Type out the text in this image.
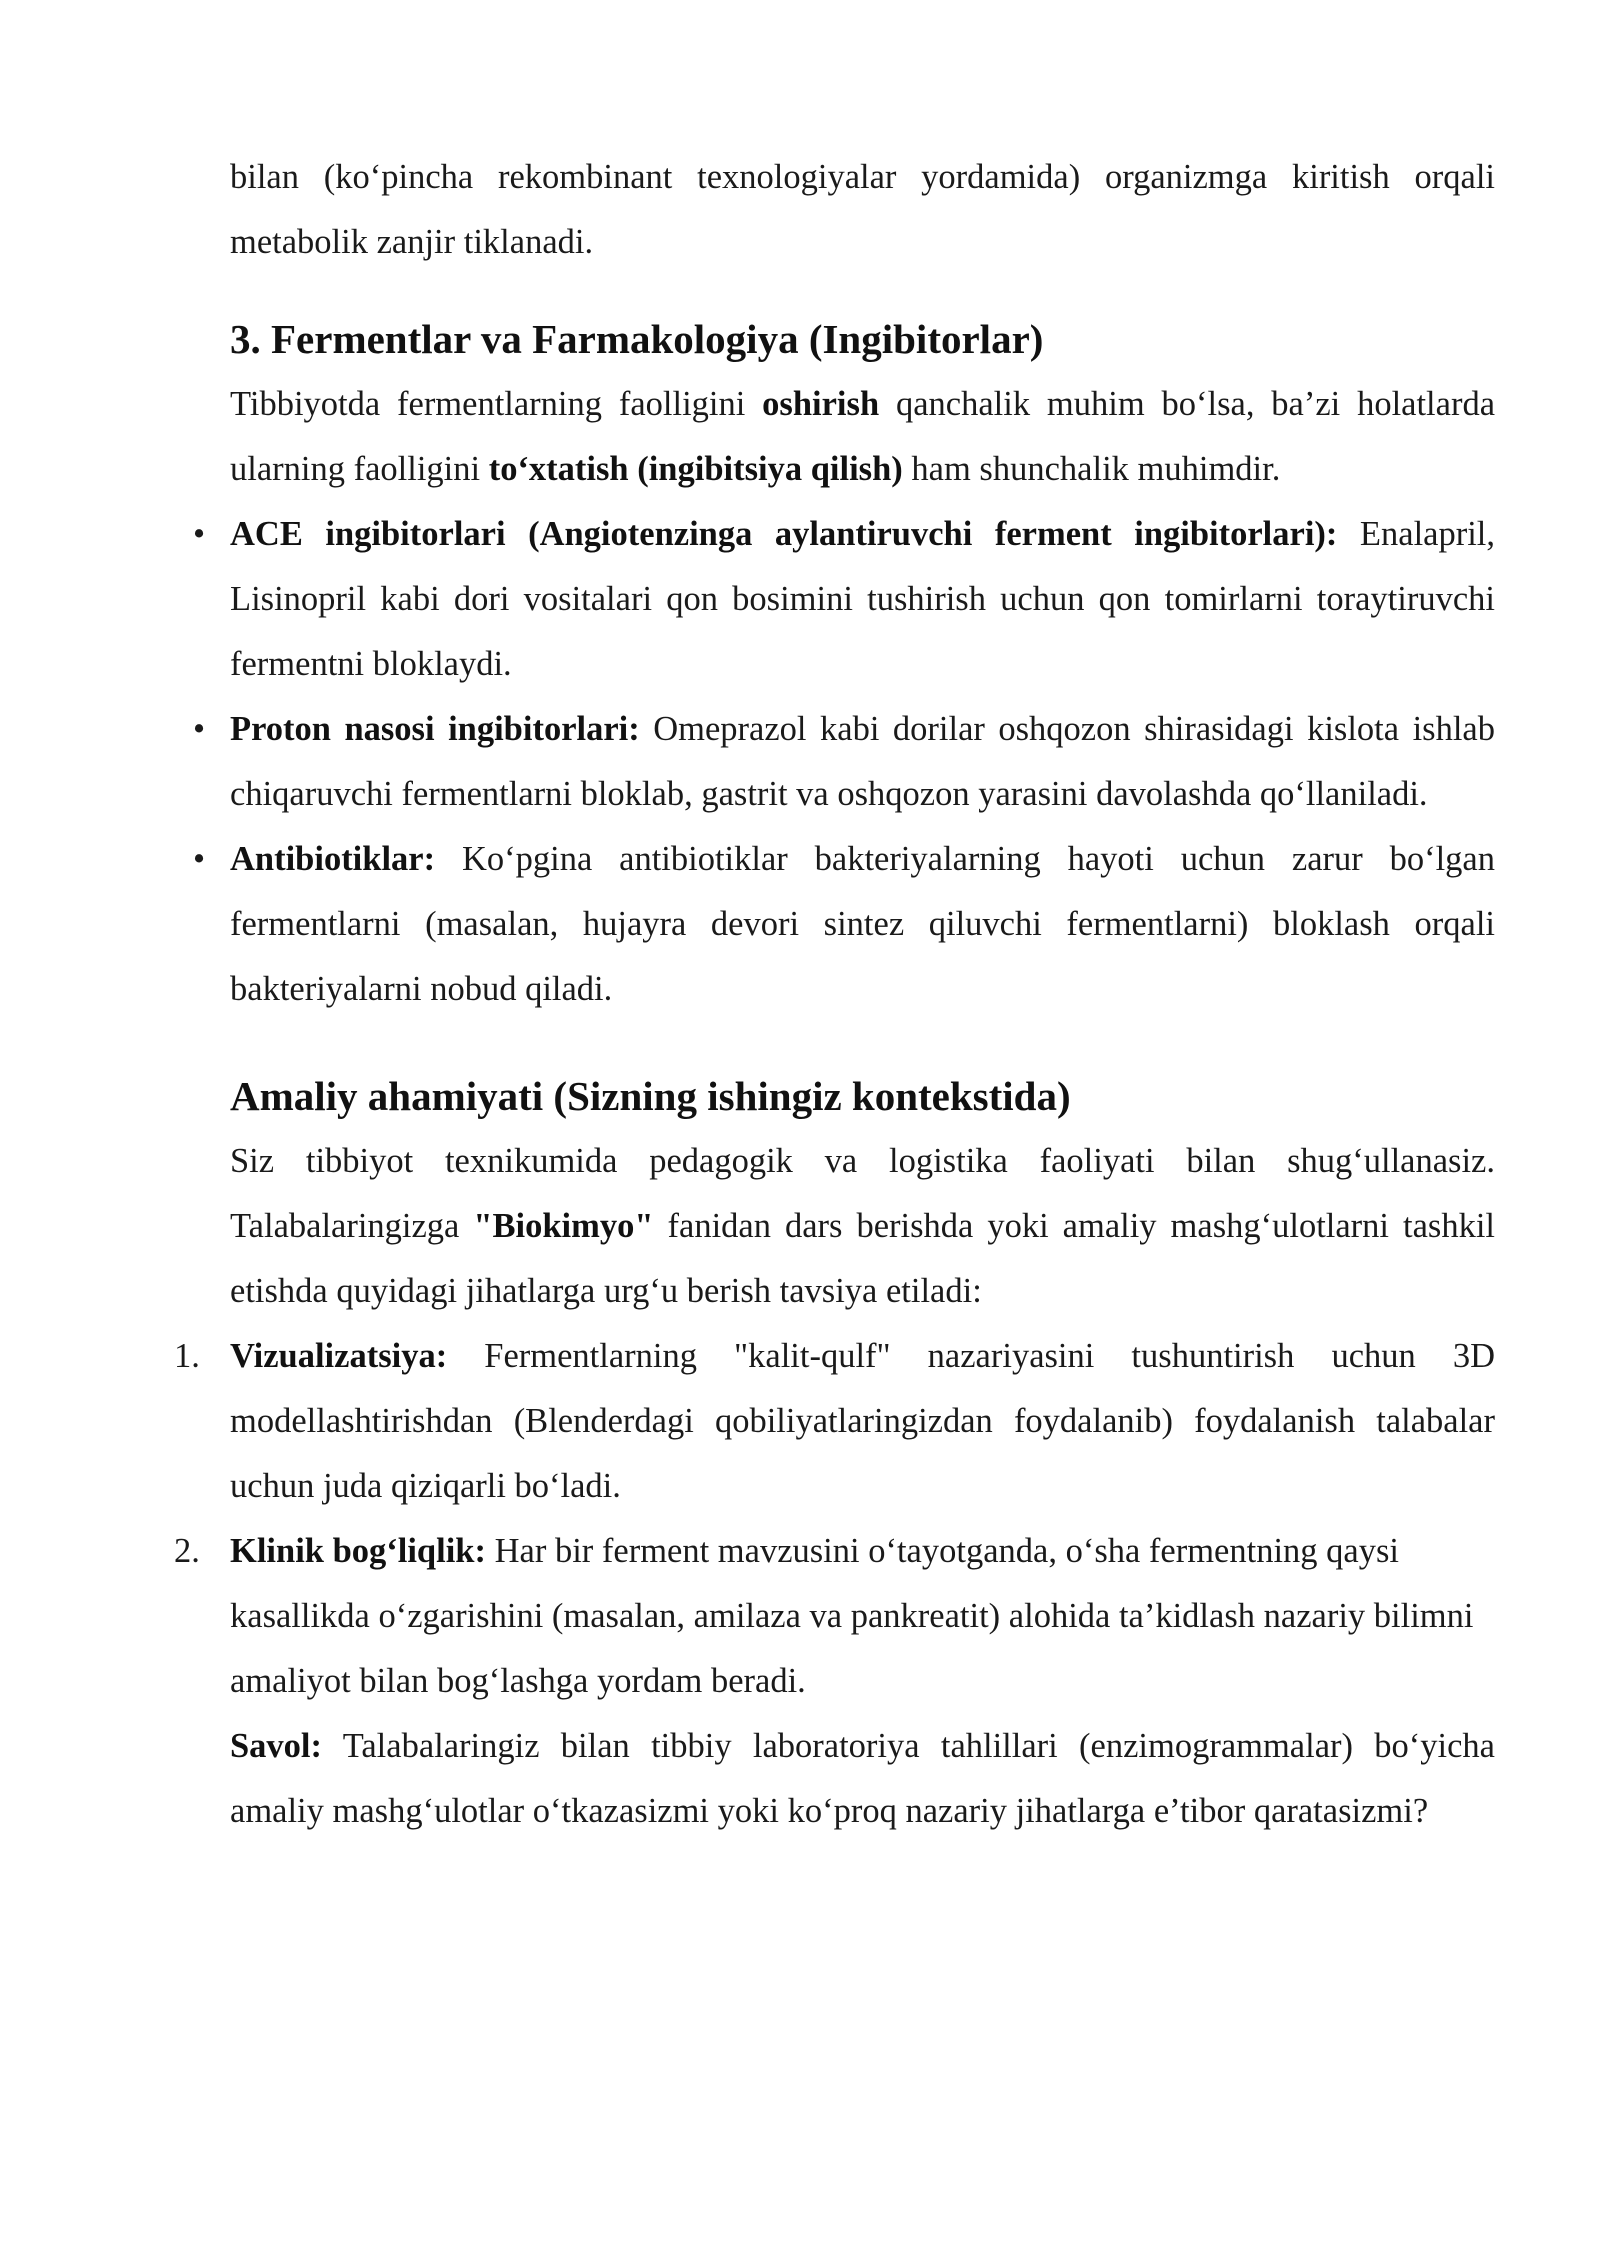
bilan (ko‘pincha rekombinant texnologiyalar yordamida) organizmga kiritish orqali metabolik zanjir tiklanadi.

3. Fermentlar va Farmakologiya (Ingibitorlar)

Tibbiyotda fermentlarning faolligini oshirish qanchalik muhim bo‘lsa, ba’zi holatlarda ularning faolligini to‘xtatish (ingibitsiya qilish) ham shunchalik muhimdir.

• ACE ingibitorlari (Angiotenzinga aylantiruvchi ferment ingibitorlari): Enalapril, Lisinopril kabi dori vositalari qon bosimini tushirish uchun qon tomirlarni toraytiruvchi fermentni bloklaydi.
• Proton nasosi ingibitorlari: Omeprazol kabi dorilar oshqozon shirasidagi kislota ishlab chiqaruvchi fermentlarni bloklab, gastrit va oshqozon yarasini davolashda qo‘llaniladi.
• Antibiotiklar: Ko‘pgina antibiotiklar bakteriyalarning hayoti uchun zarur bo‘lgan fermentlarni (masalan, hujayra devori sintez qiluvchi fermentlarni) bloklash orqali bakteriyalarni nobud qiladi.
Amaliy ahamiyati (Sizning ishingiz kontekstida)

Siz tibbiyot texnikumida pedagogik va logistika faoliyati bilan shug‘ullanasiz. Talabalaringizga "Biokimyo" fanidan dars berishda yoki amaliy mashg‘ulotlarni tashkil etishda quyidagi jihatlarga urg‘u berish tavsiya etiladi:

1. Vizualizatsiya: Fermentlarning "kalit-qulf" nazariyasini tushuntirish uchun 3D modellashtirishdan (Blenderdagi qobiliyatlaringizdan foydalanib) foydalanish talabalar uchun juda qiziqarli bo‘ladi.
2. Klinik bog‘liqlik: Har bir ferment mavzusini o‘tayotganda, o‘sha fermentning qaysi kasallikda o‘zgarishini (masalan, amilaza va pankreatit) alohida ta’kidlash nazariy bilimni amaliyot bilan bog‘lashga yordam beradi.

Savol: Talabalaringiz bilan tibbiy laboratoriya tahlillari (enzimogrammalar) bo‘yicha amaliy mashg‘ulotlar o‘tkazasizmi yoki ko‘proq nazariy jihatlarga e’tibor qaratasizmi?
